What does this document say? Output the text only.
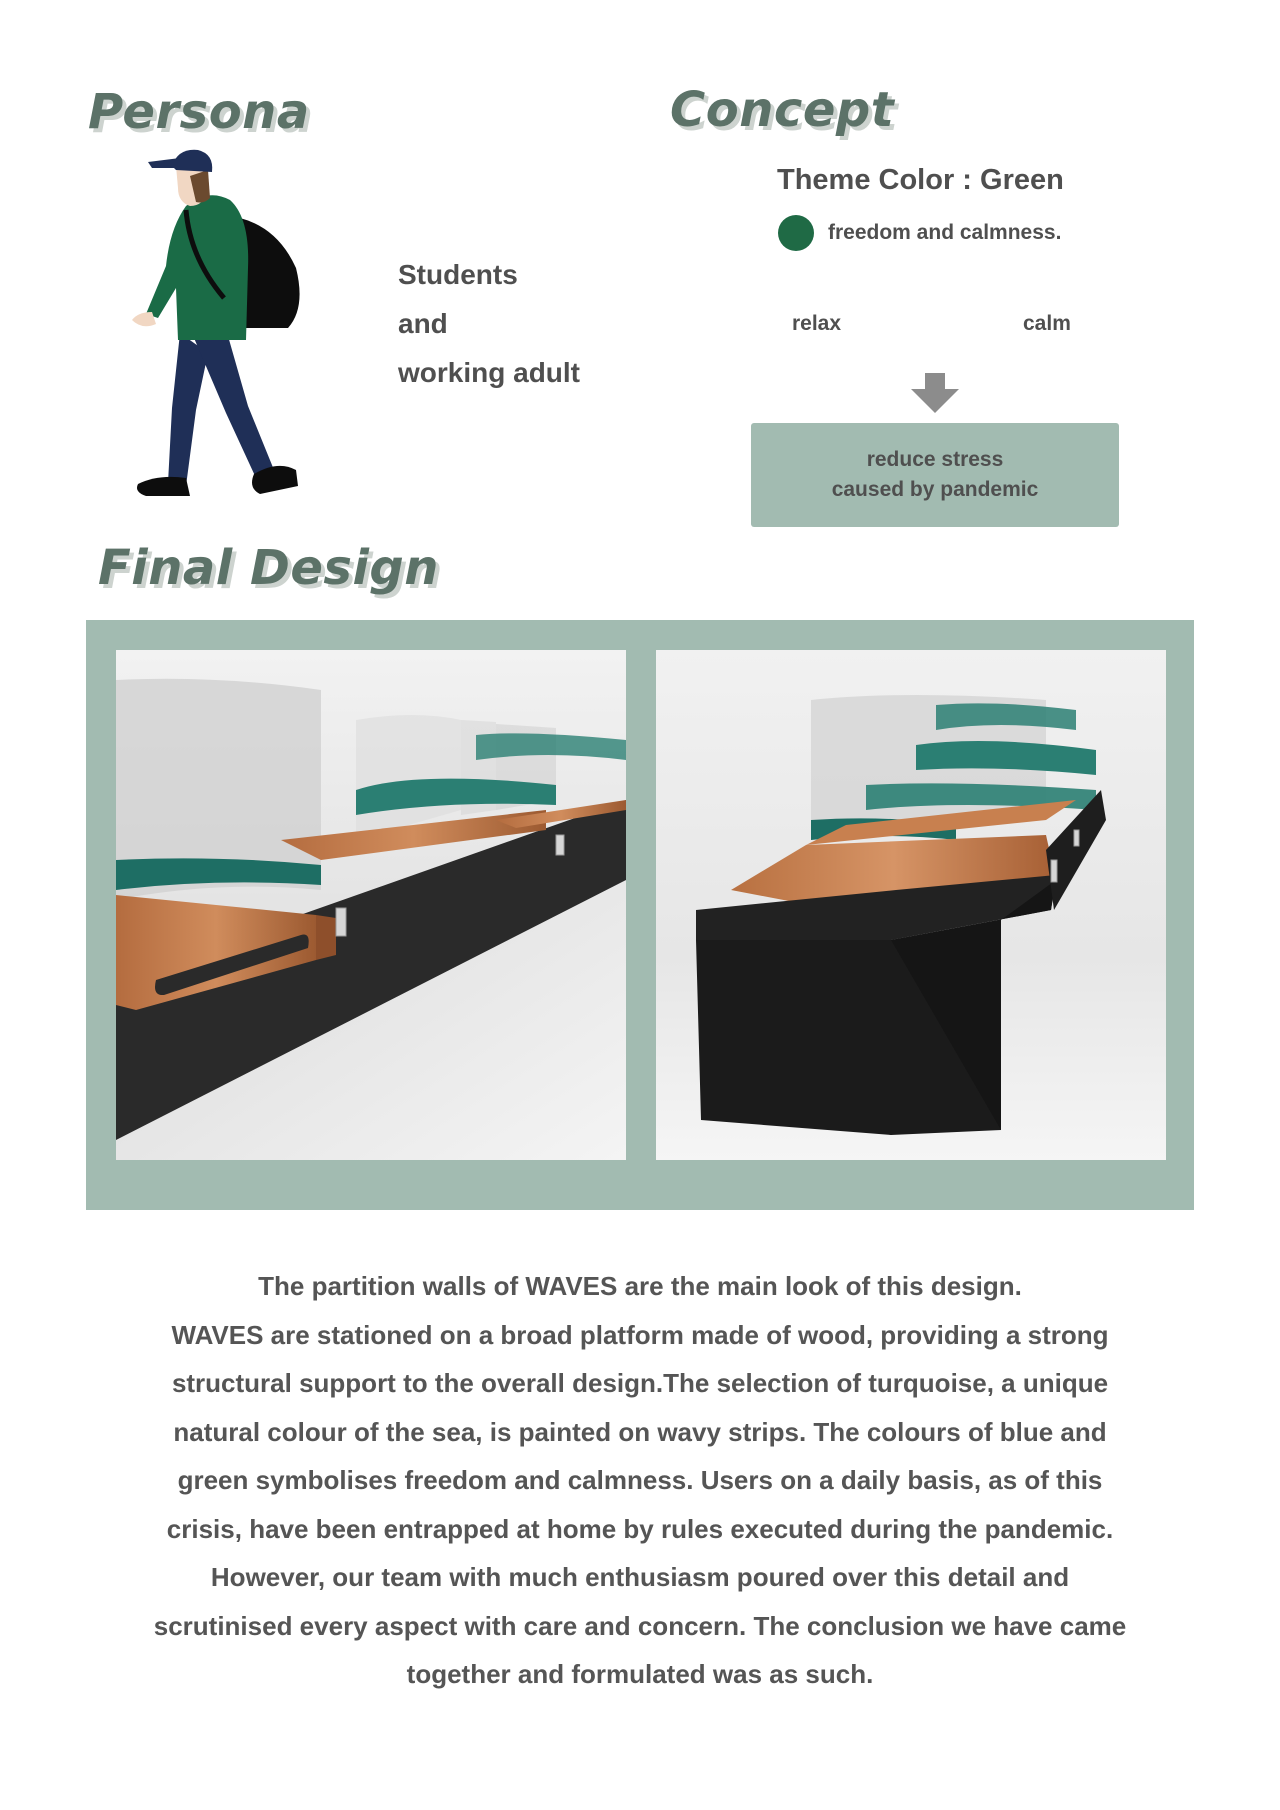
Persona
Students
and
working adult
Concept
Theme Color : Green
freedom and calmness.
relax	calm
reduce stress
caused by pandemic
Final Design
The partition walls of WAVES are the main look of this design.
WAVES are stationed on a broad platform made of wood, providing a strong
structural support to the overall design.The selection of turquoise, a unique
natural colour of the sea, is painted on wavy strips. The colours of blue and
green symbolises freedom and calmness. Users on a daily basis, as of this
crisis, have been entrapped at home by rules executed during the pandemic.
However, our team with much enthusiasm poured over this detail and
scrutinised every aspect with care and concern. The conclusion we have came
together and formulated was as such.
